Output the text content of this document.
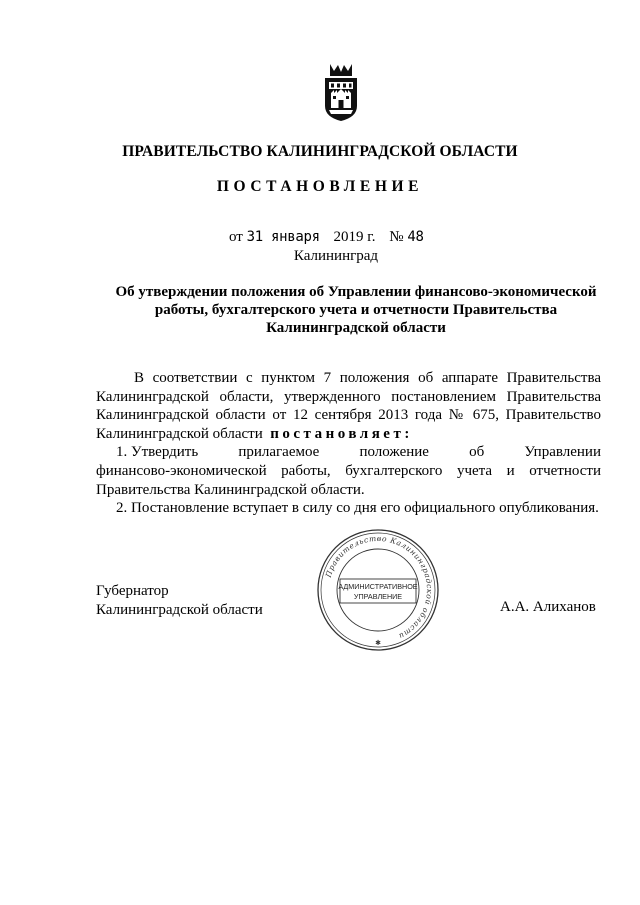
ПРАВИТЕЛЬСТВО КАЛИНИНГРАДСКОЙ ОБЛАСТИ
ПОСТАНОВЛЕНИЕ
от 31 января 2019 г. № 48
Калининград
Об утверждении положения об Управлении финансово-экономической
работы, бухгалтерского учета и отчетности Правительства
Калининградской области

В соответствии с пунктом 7 положения об аппарате Правительства

Калининградской области, утвержденного постановлением Правительства Калининградской области от 12 сентября 2013 года № 675, Правительство Калининградской области постановляет:

1. Утвердить	прилагаемое	положение	об	Управлении

финансово-экономической работы, бухгалтерского учета и отчетности Правительства Калининградской области.

2. Постановление вступает в силу со дня его официального опубликования.

Губернатор
Калининградской области	А.А. Алиханов
Правительство Калининградской области
АДМИНИСТРАТИВНОЕ
УПРАВЛЕНИЕ
✱
